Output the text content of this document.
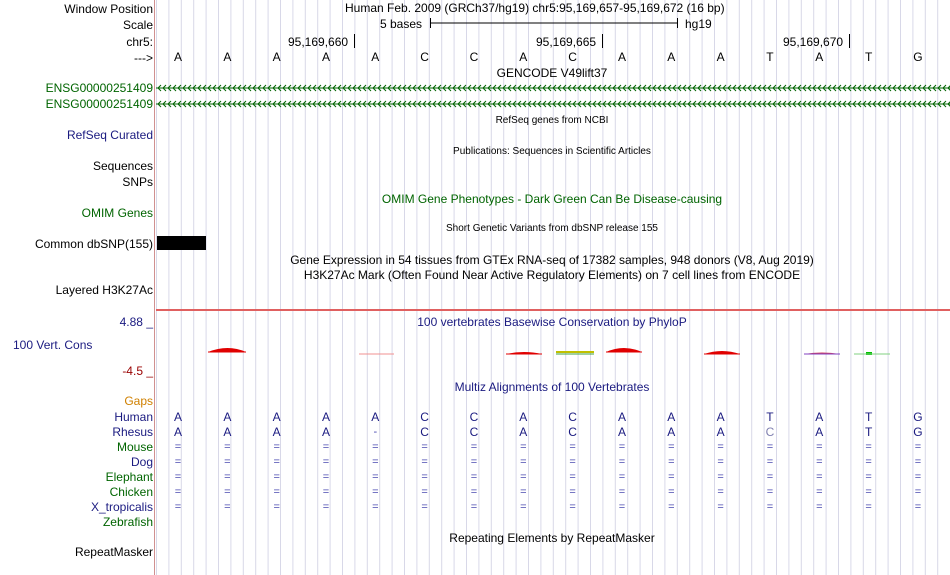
Window Position	Human Feb. 2009 (GRCh37/hg19) chr5:95,169,657-95,169,672 (16 bp)
Scale	5 bases	hg19
chr5:	95,169,660	95,169,665	95,169,670
--->	A	A	A	A	A	C	C	A	C	A	A	A	T	A	T	G
GENCODE V49lift37
ENSG00000251409
ENSG00000251409
RefSeq genes from NCBI
RefSeq Curated
Publications: Sequences in Scientific Articles
Sequences
SNPs
OMIM Gene Phenotypes - Dark Green Can Be Disease-causing
OMIM Genes
Short Genetic Variants from dbSNP release 155
Common dbSNP(155)
Gene Expression in 54 tissues from GTEx RNA-seq of 17382 samples, 948 donors (V8, Aug 2019)
H3K27Ac Mark (Often Found Near Active Regulatory Elements) on 7 cell lines from ENCODE
Layered H3K27Ac
4.88 _	100 vertebrates Basewise Conservation by PhyloP
100 Vert. Cons
-4.5 _
Multiz Alignments of 100 Vertebrates
Gaps
Human	A	A	A	A	A	C	C	A	C	A	A	A	T	A	T	G
Rhesus	A	A	A	A	-	C	C	A	C	A	A	A	C	A	T	G
Mouse	=	=	=	=	=	=	=	=	=	=	=	=	=	=	=	=
Dog	=	=	=	=	=	=	=	=	=	=	=	=	=	=	=	=
Elephant	=	=	=	=	=	=	=	=	=	=	=	=	=	=	=	=
Chicken	=	=	=	=	=	=	=	=	=	=	=	=	=	=	=	=
X_tropicalis	=	=	=	=	=	=	=	=	=	=	=	=	=	=	=	=
Zebrafish
Repeating Elements by RepeatMasker
RepeatMasker
